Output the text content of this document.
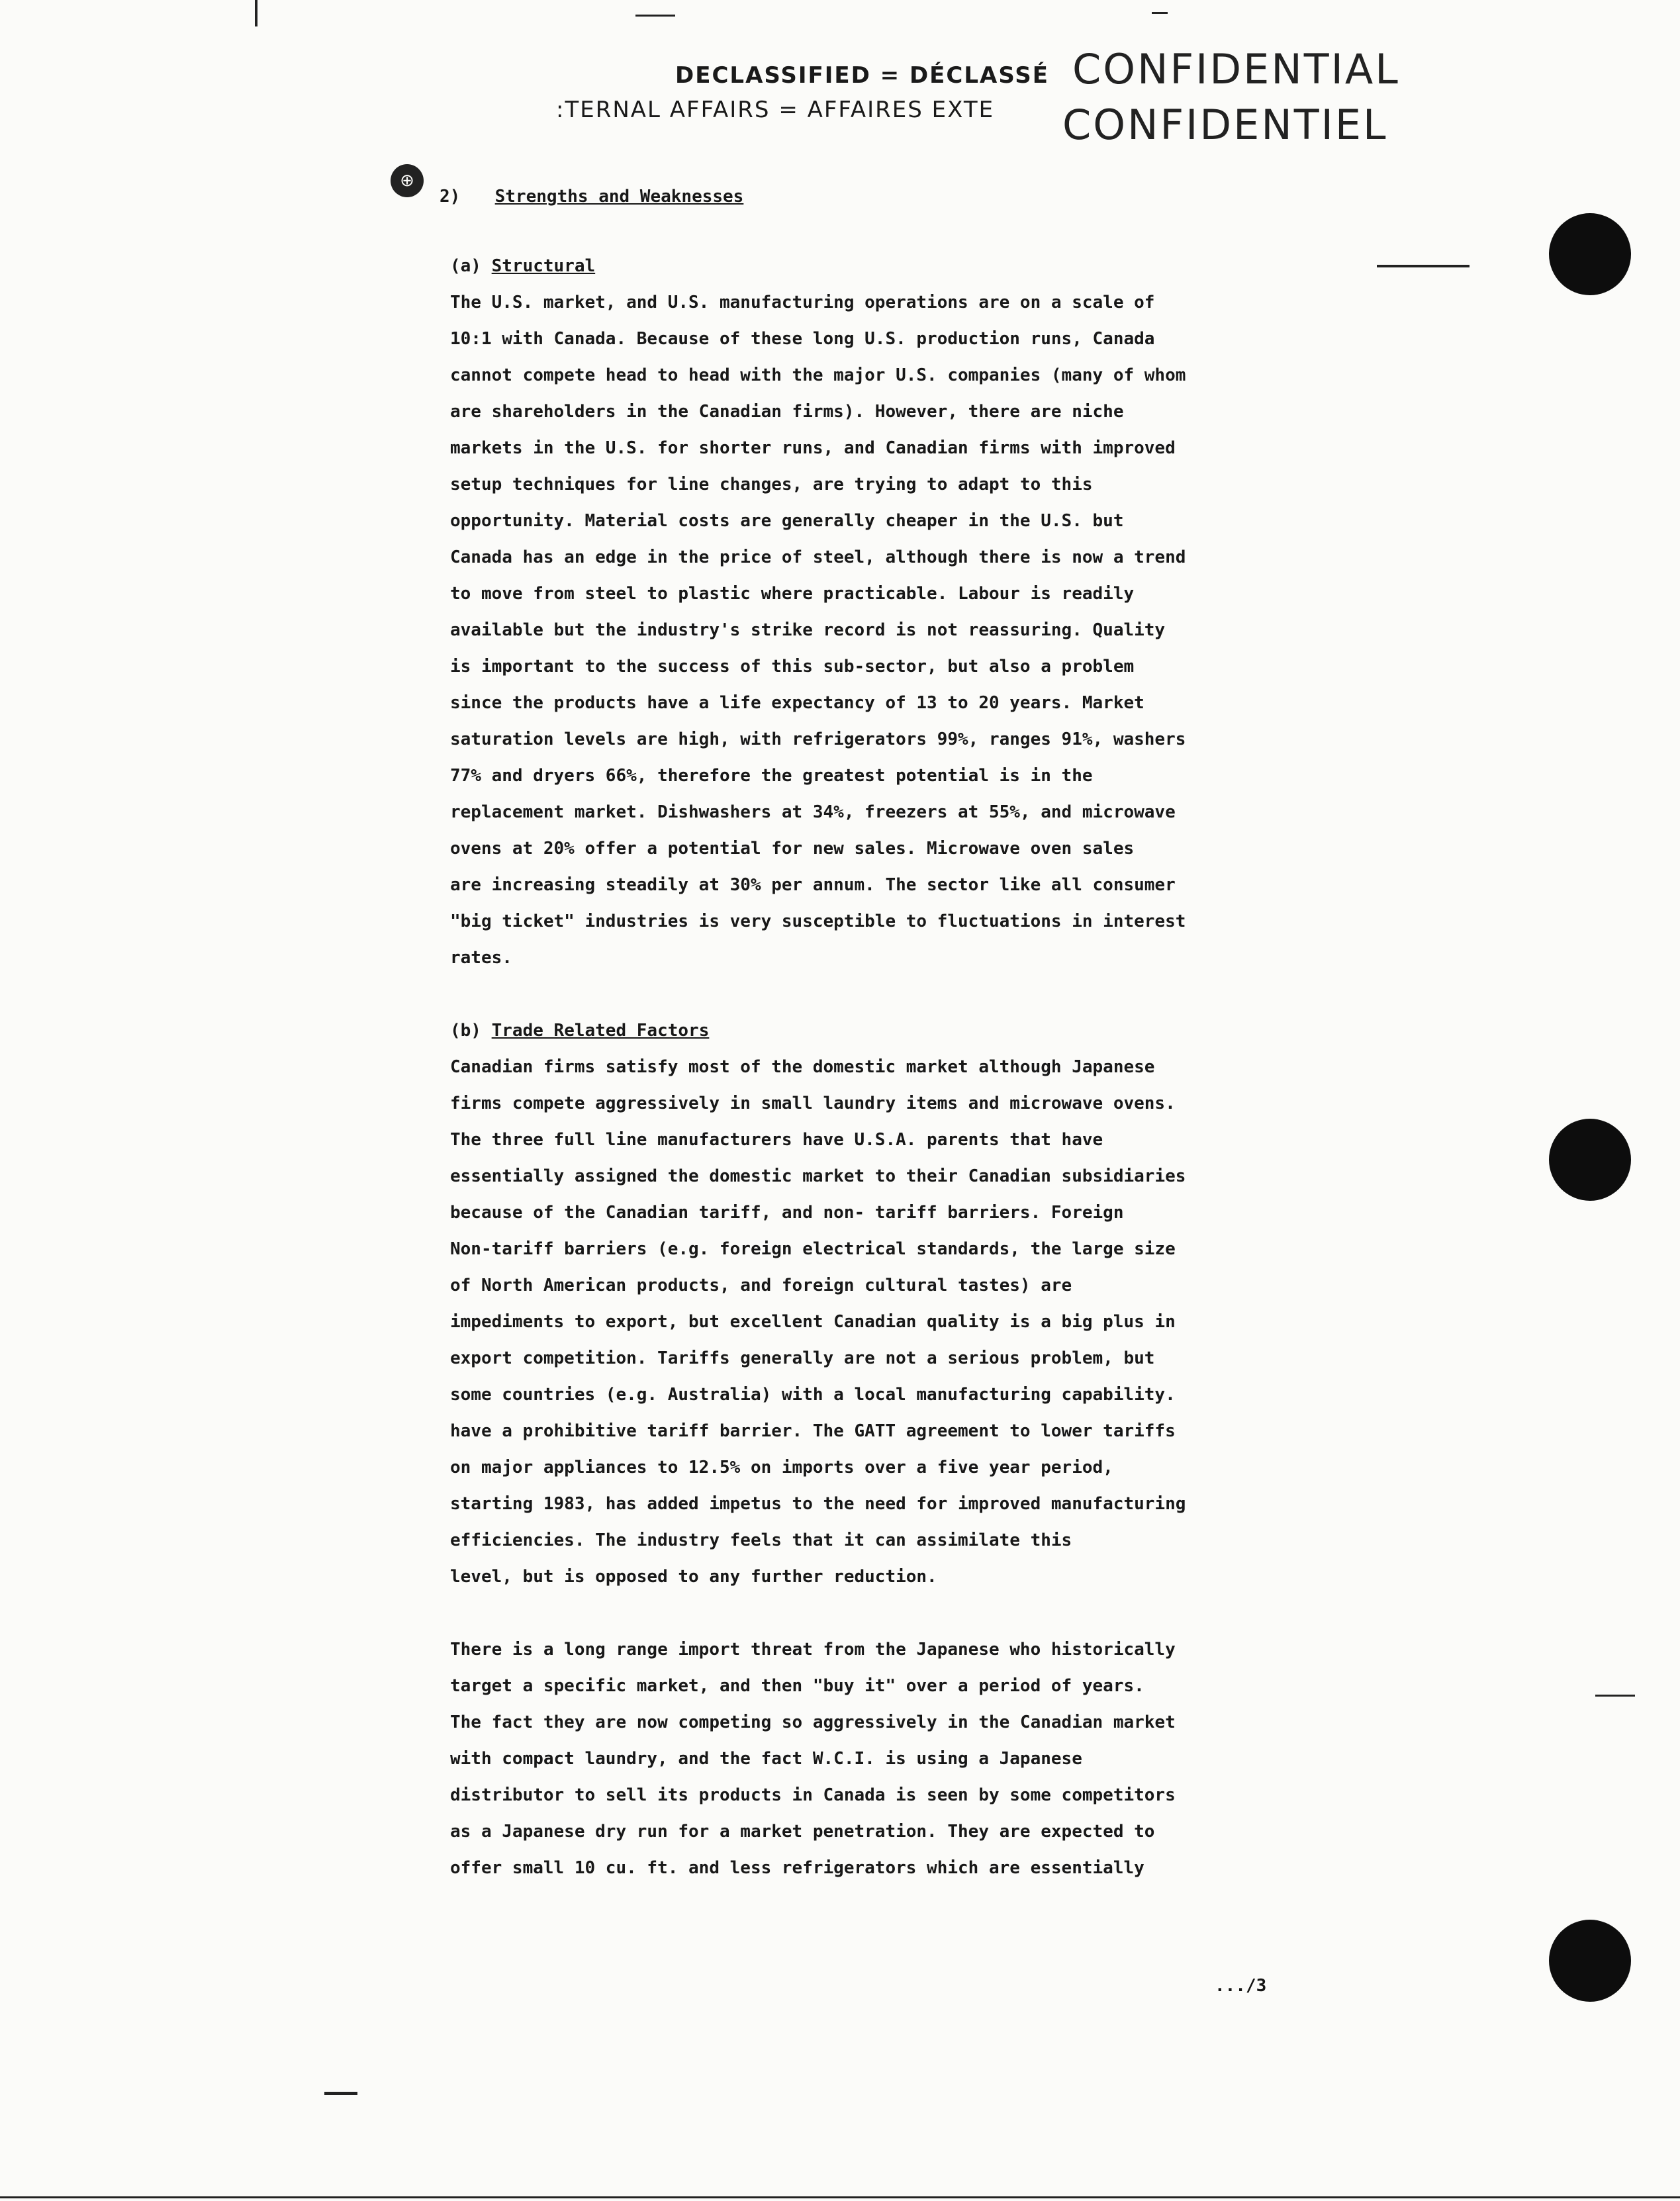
DECLASSIFIED = DÉCLASSÉ
:TERNAL AFFAIRS = AFFAIRES EXTE
CONFIDENTIAL
CONFIDENTIEL
⊕
2) Strengths and Weaknesses
(a) Structural
The U.S. market, and U.S. manufacturing operations are on a scale of
10:1 with Canada. Because of these long U.S. production runs, Canada
cannot compete head to head with the major U.S. companies (many of whom
are shareholders in the Canadian firms). However, there are niche
markets in the U.S. for shorter runs, and Canadian firms with improved
setup techniques for line changes, are trying to adapt to this
opportunity. Material costs are generally cheaper in the U.S. but
Canada has an edge in the price of steel, although there is now a trend
to move from steel to plastic where practicable. Labour is readily
available but the industry's strike record is not reassuring. Quality
is important to the success of this sub-sector, but also a problem
since the products have a life expectancy of 13 to 20 years. Market
saturation levels are high, with refrigerators 99%, ranges 91%, washers
77% and dryers 66%, therefore the greatest potential is in the
replacement market. Dishwashers at 34%, freezers at 55%, and microwave
ovens at 20% offer a potential for new sales. Microwave oven sales
are increasing steadily at 30% per annum. The sector like all consumer
"big ticket" industries is very susceptible to fluctuations in interest
rates.
(b) Trade Related Factors
Canadian firms satisfy most of the domestic market although Japanese
firms compete aggressively in small laundry items and microwave ovens.
The three full line manufacturers have U.S.A. parents that have
essentially assigned the domestic market to their Canadian subsidiaries
because of the Canadian tariff, and non- tariff barriers. Foreign
Non-tariff barriers (e.g. foreign electrical standards, the large size
of North American products, and foreign cultural tastes) are
impediments to export, but excellent Canadian quality is a big plus in
export competition. Tariffs generally are not a serious problem, but
some countries (e.g. Australia) with a local manufacturing capability.
have a prohibitive tariff barrier. The GATT agreement to lower tariffs
on major appliances to 12.5% on imports over a five year period,
starting 1983, has added impetus to the need for improved manufacturing
efficiencies. The industry feels that it can assimilate this
level, but is opposed to any further reduction.
There is a long range import threat from the Japanese who historically
target a specific market, and then "buy it" over a period of years.
The fact they are now competing so aggressively in the Canadian market
with compact laundry, and the fact W.C.I. is using a Japanese
distributor to sell its products in Canada is seen by some competitors
as a Japanese dry run for a market penetration. They are expected to
offer small 10 cu. ft. and less refrigerators which are essentially
.../3
